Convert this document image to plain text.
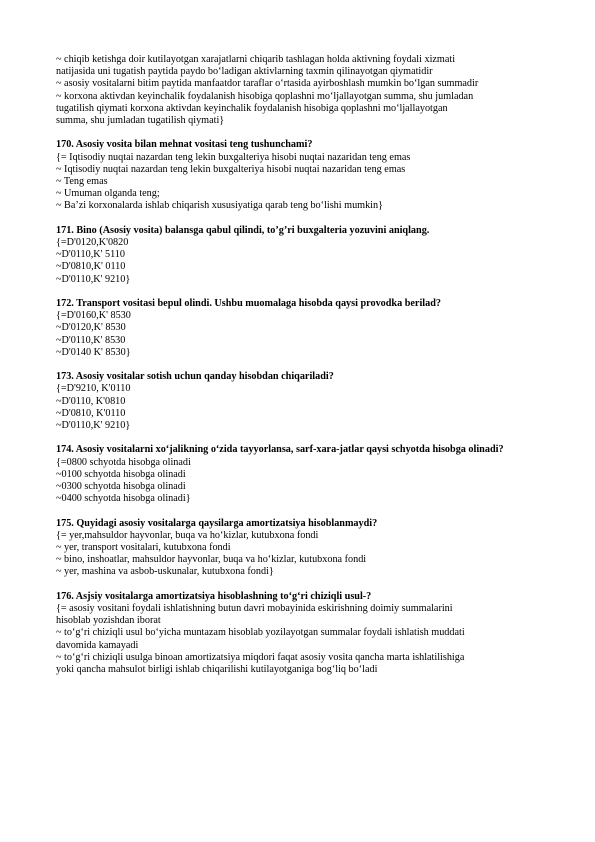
~ chiqib ketishga doir kutilayotgan xarajatlarni chiqarib tashlagan holda aktivning foydali xizmati
natijasida uni tugatish paytida paydo bo‘ladigan aktivlarning taxmin qilinayotgan qiymatidir
~ asosiy vositalarni bitim paytida manfaatdor taraflar o‘rtasida ayirboshlash mumkin bo‘lgan summadir
~ korxona aktivdan keyinchalik foydalanish hisobiga qoplashni mo‘ljallayotgan summa, shu jumladan
tugatilish qiymati korxona aktivdan keyinchalik foydalanish hisobiga qoplashni mo‘ljallayotgan
summa, shu jumladan tugatilish qiymati}
170. Asosiy vosita bilan mehnat vositasi teng tushunchami?
{= Iqtisodiy nuqtai nazardan teng lekin buxgalteriya hisobi nuqtai nazaridan teng emas
~ Iqtisodiy nuqtai nazardan teng lekin buxgalteriya hisobi nuqtai nazaridan teng emas
~ Teng emas
~ Umuman olganda teng;
~ Ba’zi korxonalarda ishlab chiqarish xususiyatiga qarab teng bo‘lishi mumkin}
171. Bino (Asosiy vosita) balansga qabul qilindi, to’g’ri buxgalteria yozuvini aniqlang.
{=D'0120,K'0820
~D'0110,K' 5110
~D'0810,K' 0110
~D'0110,K' 9210}
172. Transport vositasi bepul olindi. Ushbu muomalaga hisobda qaysi provodka berilad?
{=D'0160,K' 8530
~D'0120,K' 8530
~D'0110,K' 8530
~D'0140 K' 8530}
173. Asosiy vositalar sotish uchun qanday hisobdan chiqariladi?
{=D'9210, K'0110
~D'0110, K'0810
~D'0810, K'0110
~D'0110,K' 9210}
174. Asosiy vositalarni xo‘jalikning o‘zida tayyorlansa, sarf-xara-jatlar qaysi schyotda hisobga olinadi?
{=0800 schyotda hisobga olinadi
~0100 schyotda hisobga olinadi
~0300 schyotda hisobga olinadi
~0400 schyotda hisobga olinadi}
175. Quyidagi asosiy vositalarga qaysilarga amortizatsiya hisoblanmaydi?
{= yer,mahsuldor hayvonlar, buqa va ho‘kizlar, kutubxona fondi
~ yer, transport vositalari, kutubxona fondi
~ bino, inshoatlar, mahsuldor hayvonlar, buqa va ho‘kizlar, kutubxona fondi
~ yer, mashina va asbob-uskunalar, kutubxona fondi}
176. Asjsiy vositalarga amortizatsiya hisoblashning to‘g‘ri chiziqli usul-?
{= asosiy vositani foydali ishlatishning butun davri mobayinida eskirishning doimiy summalarini
hisoblab yozishdan iborat
~ to‘g‘ri chiziqli usul bo‘yicha muntazam hisoblab yozilayotgan summalar foydali ishlatish muddati
davomida kamayadi
~ to‘g‘ri chiziqli usulga binoan amortizatsiya miqdori faqat asosiy vosita qancha marta ishlatilishiga
yoki qancha mahsulot birligi ishlab chiqarilishi kutilayotganiga bog‘liq bo‘ladi
